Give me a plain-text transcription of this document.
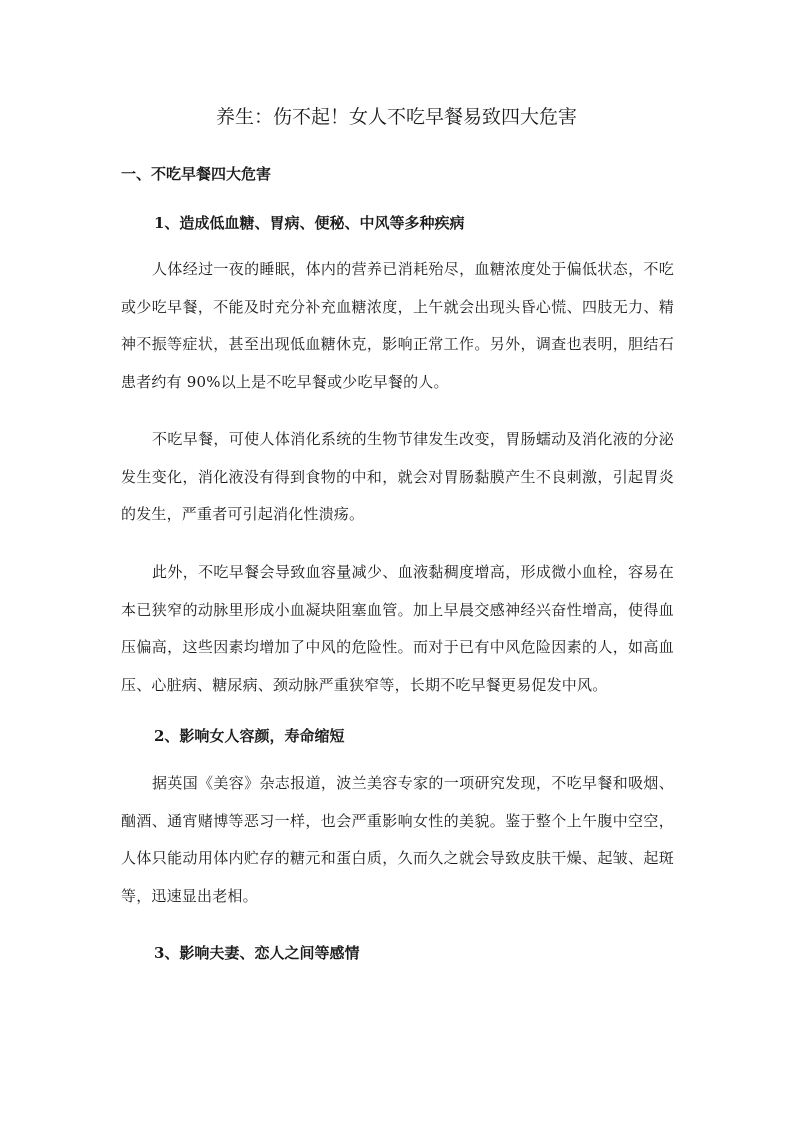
养生：伤不起！女人不吃早餐易致四大危害
一、不吃早餐四大危害
1、造成低血糖、胃病、便秘、中风等多种疾病

人体经过一夜的睡眠，体内的营养已消耗殆尽，血糖浓度处于偏低状态，不吃或少吃早餐，不能及时充分补充血糖浓度，上午就会出现头昏心慌、四肢无力、精神不振等症状，甚至出现低血糖休克，影响正常工作。另外，调查也表明，胆结石患者约有 90%以上是不吃早餐或少吃早餐的人。

不吃早餐，可使人体消化系统的生物节律发生改变，胃肠蠕动及消化液的分泌发生变化，消化液没有得到食物的中和，就会对胃肠黏膜产生不良刺激，引起胃炎的发生，严重者可引起消化性溃疡。

此外，不吃早餐会导致血容量减少、血液黏稠度增高，形成微小血栓，容易在本已狭窄的动脉里形成小血凝块阻塞血管。加上早晨交感神经兴奋性增高，使得血压偏高，这些因素均增加了中风的危险性。而对于已有中风危险因素的人，如高血压、心脏病、糖尿病、颈动脉严重狭窄等，长期不吃早餐更易促发中风。

2、影响女人容颜，寿命缩短

据英国《美容》杂志报道，波兰美容专家的一项研究发现，不吃早餐和吸烟、酗酒、通宵赌博等恶习一样，也会严重影响女性的美貌。鉴于整个上午腹中空空，人体只能动用体内贮存的糖元和蛋白质，久而久之就会导致皮肤干燥、起皱、起斑等，迅速显出老相。

3、影响夫妻、恋人之间等感情
